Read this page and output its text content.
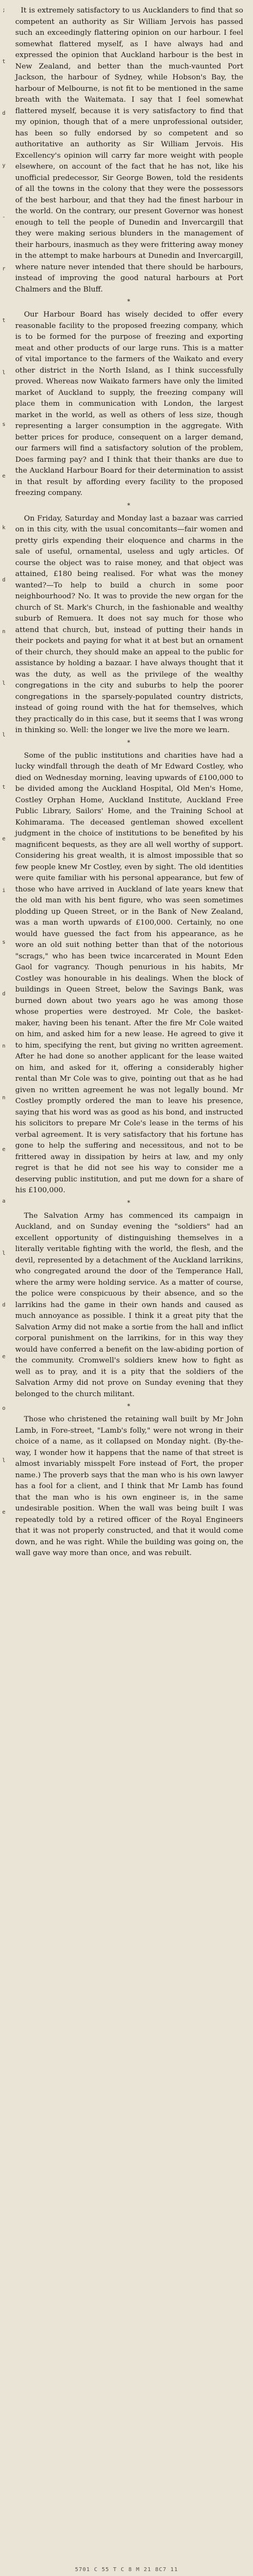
;
t
d
y
-
r
t
l
s
e
k
d
n
l
l
t
e
i
s
d
n
n
e
a
l
d
e
o
l
e

It is extremely satisfactory to us Aucklanders to find that so competent an authority as Sir William Jervois has passed such an exceedingly flattering opinion on our harbour. I feel somewhat flattered myself, as I have always had and expressed the opinion that Auckland harbour is the best in New Zealand, and better than the much-vaunted Port Jackson, the harbour of Sydney, while Hobson's Bay, the harbour of Melbourne, is not fit to be mentioned in the same breath with the Waitemata. I say that I feel somewhat flattered myself, because it is very satisfactory to find that my opinion, though that of a mere unprofessional outsider, has been so fully endorsed by so competent and so authoritative an authority as Sir William Jervois. His Excellency's opinion will carry far more weight with people elsewhere, on account of the fact that he has not, like his unofficial predecessor, Sir George Bowen, told the residents of all the towns in the colony that they were the possessors of the best harbour, and that they had the finest harbour in the world. On the contrary, our present Governor was honest enough to tell the people of Dunedin and Invercargill that they were making serious blunders in the management of their harbours, inasmuch as they were frittering away money in the attempt to make harbours at Dunedin and Invercargill, where nature never intended that there should be harbours, instead of improving the good natural harbours at Port Chalmers and the Bluff.

*

Our Harbour Board has wisely decided to offer every reasonable facility to the proposed freezing company, which is to be formed for the purpose of freezing and exporting meat and other products of our large runs. This is a matter of vital importance to the farmers of the Waikato and every other district in the North Island, as I think successfully proved. Whereas now Waikato farmers have only the limited market of Auckland to supply, the freezing company will place them in communication with London, the largest market in the world, as well as others of less size, though representing a larger consumption in the aggregate. With better prices for produce, consequent on a larger demand, our farmers will find a satisfactory solution of the problem, Does farming pay? and I think that their thanks are due to the Auckland Harbour Board for their determination to assist in that result by affording every facility to the proposed freezing company.

*

On Friday, Saturday and Monday last a bazaar was carried on in this city, with the usual concomitants—fair women and pretty girls expending their eloquence and charms in the sale of useful, ornamental, useless and ugly articles. Of course the object was to raise money, and that object was attained, £180 being realised. For what was the money wanted?—To help to build a church in some poor neighbourhood? No. It was to provide the new organ for the church of St. Mark's Church, in the fashionable and wealthy suburb of Remuera. It does not say much for those who attend that church, but, instead of putting their hands in their pockets and paying for what it at best but an ornament of their church, they should make an appeal to the public for assistance by holding a bazaar. I have always thought that it was the duty, as well as the privilege of the wealthy congregations in the city and suburbs to help the poorer congregations in the sparsely-populated country districts, instead of going round with the hat for themselves, which they practically do in this case, but it seems that I was wrong in thinking so. Well: the longer we live the more we learn.

*

Some of the public institutions and charities have had a lucky windfall through the death of Mr Edward Costley, who died on Wednesday morning, leaving upwards of £100,000 to be divided among the Auckland Hospital, Old Men's Home, Costley Orphan Home, Auckland Institute, Auckland Free Public Library, Sailors' Home, and the Training School at Kohimarama. The deceased gentleman showed excellent judgment in the choice of institutions to be benefited by his magnificent bequests, as they are all well worthy of support. Considering his great wealth, it is almost impossible that so few people knew Mr Costley, even by sight. The old identities were quite familiar with his personal appearance, but few of those who have arrived in Auckland of late years knew that the old man with his bent figure, who was seen sometimes plodding up Queen Street, or in the Bank of New Zealand, was a man worth upwards of £100,000. Certainly, no one would have guessed the fact from his appearance, as he wore an old suit nothing better than that of the notorious "scrags," who has been twice incarcerated in Mount Eden Gaol for vagrancy. Though penurious in his habits, Mr Costley was honourable in his dealings. When the block of buildings in Queen Street, below the Savings Bank, was burned down about two years ago he was among those whose properties were destroyed. Mr Cole, the basket-maker, having been his tenant. After the fire Mr Cole waited on him, and asked him for a new lease. He agreed to give it to him, specifying the rent, but giving no written agreement. After he had done so another applicant for the lease waited on him, and asked for it, offering a considerably higher rental than Mr Cole was to give, pointing out that as he had given no written agreement he was not legally bound. Mr Costley promptly ordered the man to leave his presence, saying that his word was as good as his bond, and instructed his solicitors to prepare Mr Cole's lease in the terms of his verbal agreement. It is very satisfactory that his fortune has gone to help the suffering and necessitous, and not to be frittered away in dissipation by heirs at law, and my only regret is that he did not see his way to consider me a deserving public institution, and put me down for a share of his £100,000.

*

The Salvation Army has commenced its campaign in Auckland, and on Sunday evening the "soldiers" had an excellent opportunity of distinguishing themselves in a literally veritable fighting with the world, the flesh, and the devil, represented by a detachment of the Auckland larrikins, who congregated around the door of the Temperance Hall, where the army were holding service. As a matter of course, the police were conspicuous by their absence, and so the larrikins had the game in their own hands and caused as much annoyance as possible. I think it a great pity that the Salvation Army did not make a sortie from the hall and inflict corporal punishment on the larrikins, for in this way they would have conferred a benefit on the law-abiding portion of the community. Cromwell's soldiers knew how to fight as well as to pray, and it is a pity that the soldiers of the Salvation Army did not prove on Sunday evening that they belonged to the church militant.

*

Those who christened the retaining wall built by Mr John Lamb, in Fore-street, "Lamb's folly," were not wrong in their choice of a name, as it collapsed on Monday night. (By-the-way, I wonder how it happens that the name of that street is almost invariably misspelt Fore instead of Fort, the proper name.) The proverb says that the man who is his own lawyer has a fool for a client, and I think that Mr Lamb has found that the man who is his own engineer is, in the same undesirable position. When the wall was being built I was repeatedly told by a retired officer of the Royal Engineers that it was not properly constructed, and that it would come down, and he was right. While the building was going on, the wall gave way more than once, and was rebuilt.

5701 C 55 T C 8 M 21 8C7 11
